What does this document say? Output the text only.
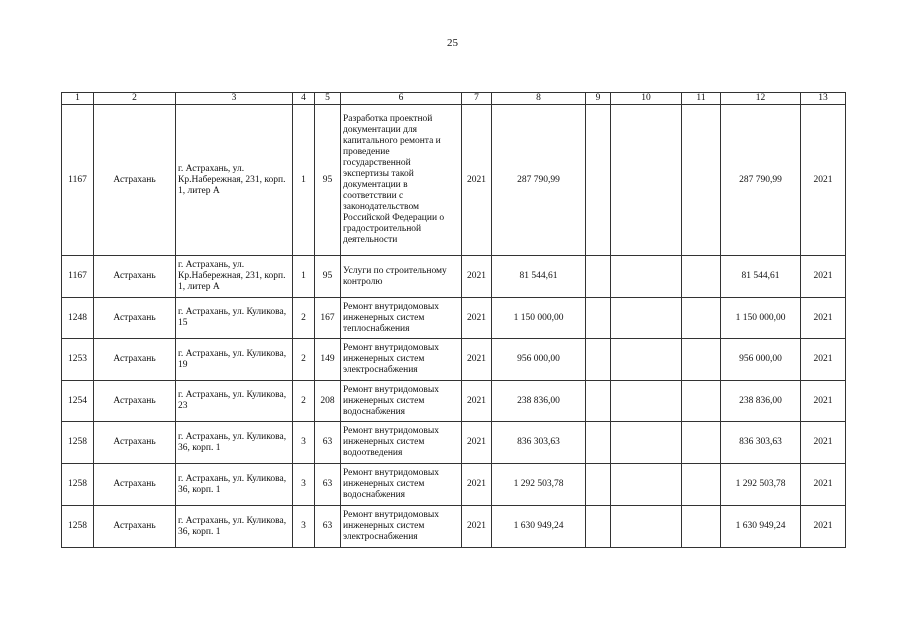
25
1	2	3	4	5	6	7	8	9	10	11	12	13
1167	Астрахань	г. Астрахань, ул. Кр.Набережная, 231, корп. 1, литер А	1	95	Разработка проектной документации для капитального ремонта и проведение государственной экспертизы такой документации в соответствии с законодательством Российской Федерации о градостроительной деятельности	2021	287 790,99				287 790,99	2021
1167	Астрахань	г. Астрахань, ул. Кр.Набережная, 231, корп. 1, литер А	1	95	Услуги по строительному контролю	2021	81 544,61				81 544,61	2021
1248	Астрахань	г. Астрахань, ул. Куликова, 15	2	167	Ремонт внутридомовых инженерных систем теплоснабжения	2021	1 150 000,00				1 150 000,00	2021
1253	Астрахань	г. Астрахань, ул. Куликова, 19	2	149	Ремонт внутридомовых инженерных систем электроснабжения	2021	956 000,00				956 000,00	2021
1254	Астрахань	г. Астрахань, ул. Куликова, 23	2	208	Ремонт внутридомовых инженерных систем водоснабжения	2021	238 836,00				238 836,00	2021
1258	Астрахань	г. Астрахань, ул. Куликова, 36, корп. 1	3	63	Ремонт внутридомовых инженерных систем водоотведения	2021	836 303,63				836 303,63	2021
1258	Астрахань	г. Астрахань, ул. Куликова, 36, корп. 1	3	63	Ремонт внутридомовых инженерных систем водоснабжения	2021	1 292 503,78				1 292 503,78	2021
1258	Астрахань	г. Астрахань, ул. Куликова, 36, корп. 1	3	63	Ремонт внутридомовых инженерных систем электроснабжения	2021	1 630 949,24				1 630 949,24	2021
